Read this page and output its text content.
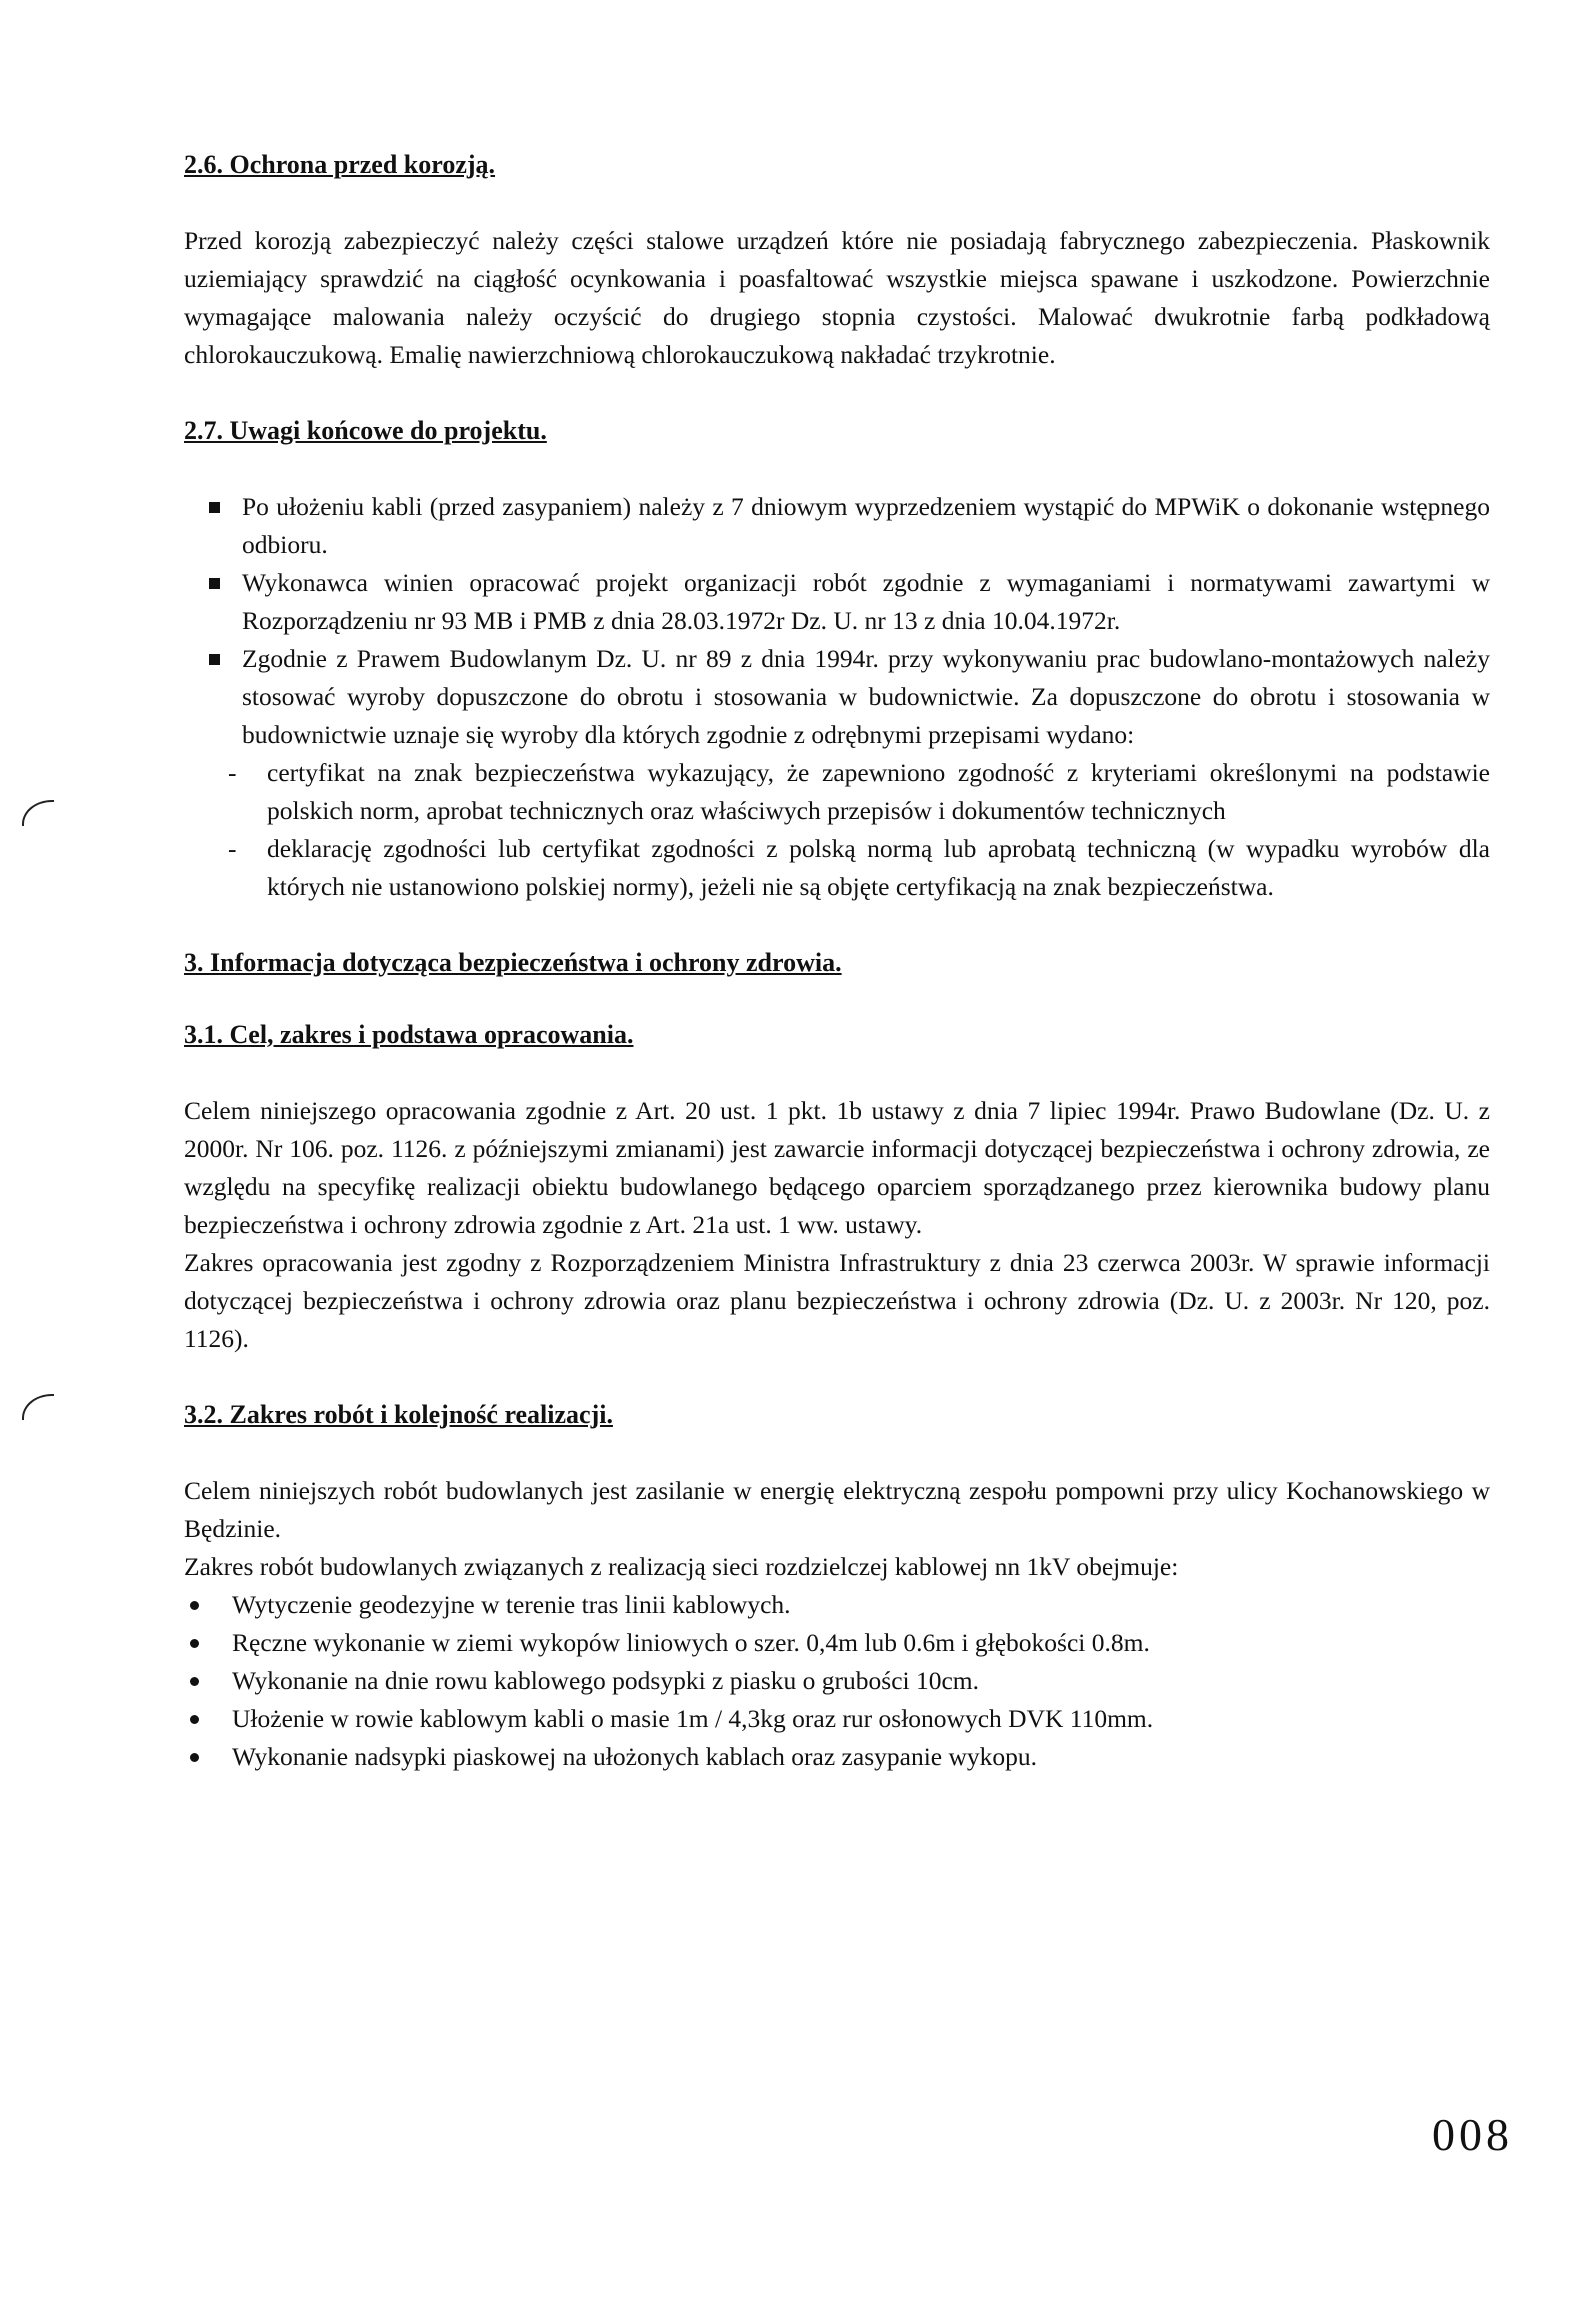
2.6. Ochrona przed korozją.

Przed korozją zabezpieczyć należy części stalowe urządzeń które nie posiadają fabrycznego zabezpieczenia. Płaskownik uziemiający sprawdzić na ciągłość ocynkowania i poasfaltować wszystkie miejsca spawane i uszkodzone. Powierzchnie wymagające malowania należy oczyścić do drugiego stopnia czystości. Malować dwukrotnie farbą podkładową chlorokauczukową. Emalię nawierzchniową chlorokauczukową nakładać trzykrotnie.

2.7. Uwagi końcowe do projektu.
Po ułożeniu kabli (przed zasypaniem) należy z 7 dniowym wyprzedzeniem wystąpić do MPWiK o dokonanie wstępnego odbioru.
Wykonawca winien opracować projekt organizacji robót zgodnie z wymaganiami i normatywami zawartymi w Rozporządzeniu nr 93 MB i PMB z dnia 28.03.1972r Dz. U. nr 13 z dnia 10.04.1972r.
Zgodnie z Prawem Budowlanym Dz. U. nr 89 z dnia 1994r. przy wykonywaniu prac budowlano-montażowych należy stosować wyroby dopuszczone do obrotu i stosowania w budownictwie. Za dopuszczone do obrotu i stosowania w budownictwie uznaje się wyroby dla których zgodnie z odrębnymi przepisami wydano:
- certyfikat na znak bezpieczeństwa wykazujący, że zapewniono zgodność z kryteriami określonymi na podstawie polskich norm, aprobat technicznych oraz właściwych przepisów i dokumentów technicznych
- deklarację zgodności lub certyfikat zgodności z polską normą lub aprobatą techniczną (w wypadku wyrobów dla których nie ustanowiono polskiej normy), jeżeli nie są objęte certyfikacją na znak bezpieczeństwa.
3. Informacja dotycząca bezpieczeństwa i ochrony zdrowia.
3.1. Cel, zakres i podstawa opracowania.

Celem niniejszego opracowania zgodnie z Art. 20 ust. 1 pkt. 1b ustawy z dnia 7 lipiec 1994r. Prawo Budowlane (Dz. U. z 2000r. Nr 106. poz. 1126. z późniejszymi zmianami) jest zawarcie informacji dotyczącej bezpieczeństwa i ochrony zdrowia, ze względu na specyfikę realizacji obiektu budowlanego będącego oparciem sporządzanego przez kierownika budowy planu bezpieczeństwa i ochrony zdrowia zgodnie z Art. 21a ust. 1 ww. ustawy.

Zakres opracowania jest zgodny z Rozporządzeniem Ministra Infrastruktury z dnia 23 czerwca 2003r. W sprawie informacji dotyczącej bezpieczeństwa i ochrony zdrowia oraz planu bezpieczeństwa i ochrony zdrowia (Dz. U. z 2003r. Nr 120, poz. 1126).

3.2. Zakres robót i kolejność realizacji.

Celem niniejszych robót budowlanych jest zasilanie w energię elektryczną zespołu pompowni przy ulicy Kochanowskiego w Będzinie.

Zakres robót budowlanych związanych z realizacją sieci rozdzielczej kablowej nn 1kV obejmuje:

Wytyczenie geodezyjne w terenie tras linii kablowych.
Ręczne wykonanie w ziemi wykopów liniowych o szer. 0,4m lub 0.6m i głębokości 0.8m.
Wykonanie na dnie rowu kablowego podsypki z piasku o grubości 10cm.
Ułożenie w rowie kablowym kabli o masie 1m / 4,3kg oraz rur osłonowych DVK 110mm.
Wykonanie nadsypki piaskowej na ułożonych kablach oraz zasypanie wykopu.
008
